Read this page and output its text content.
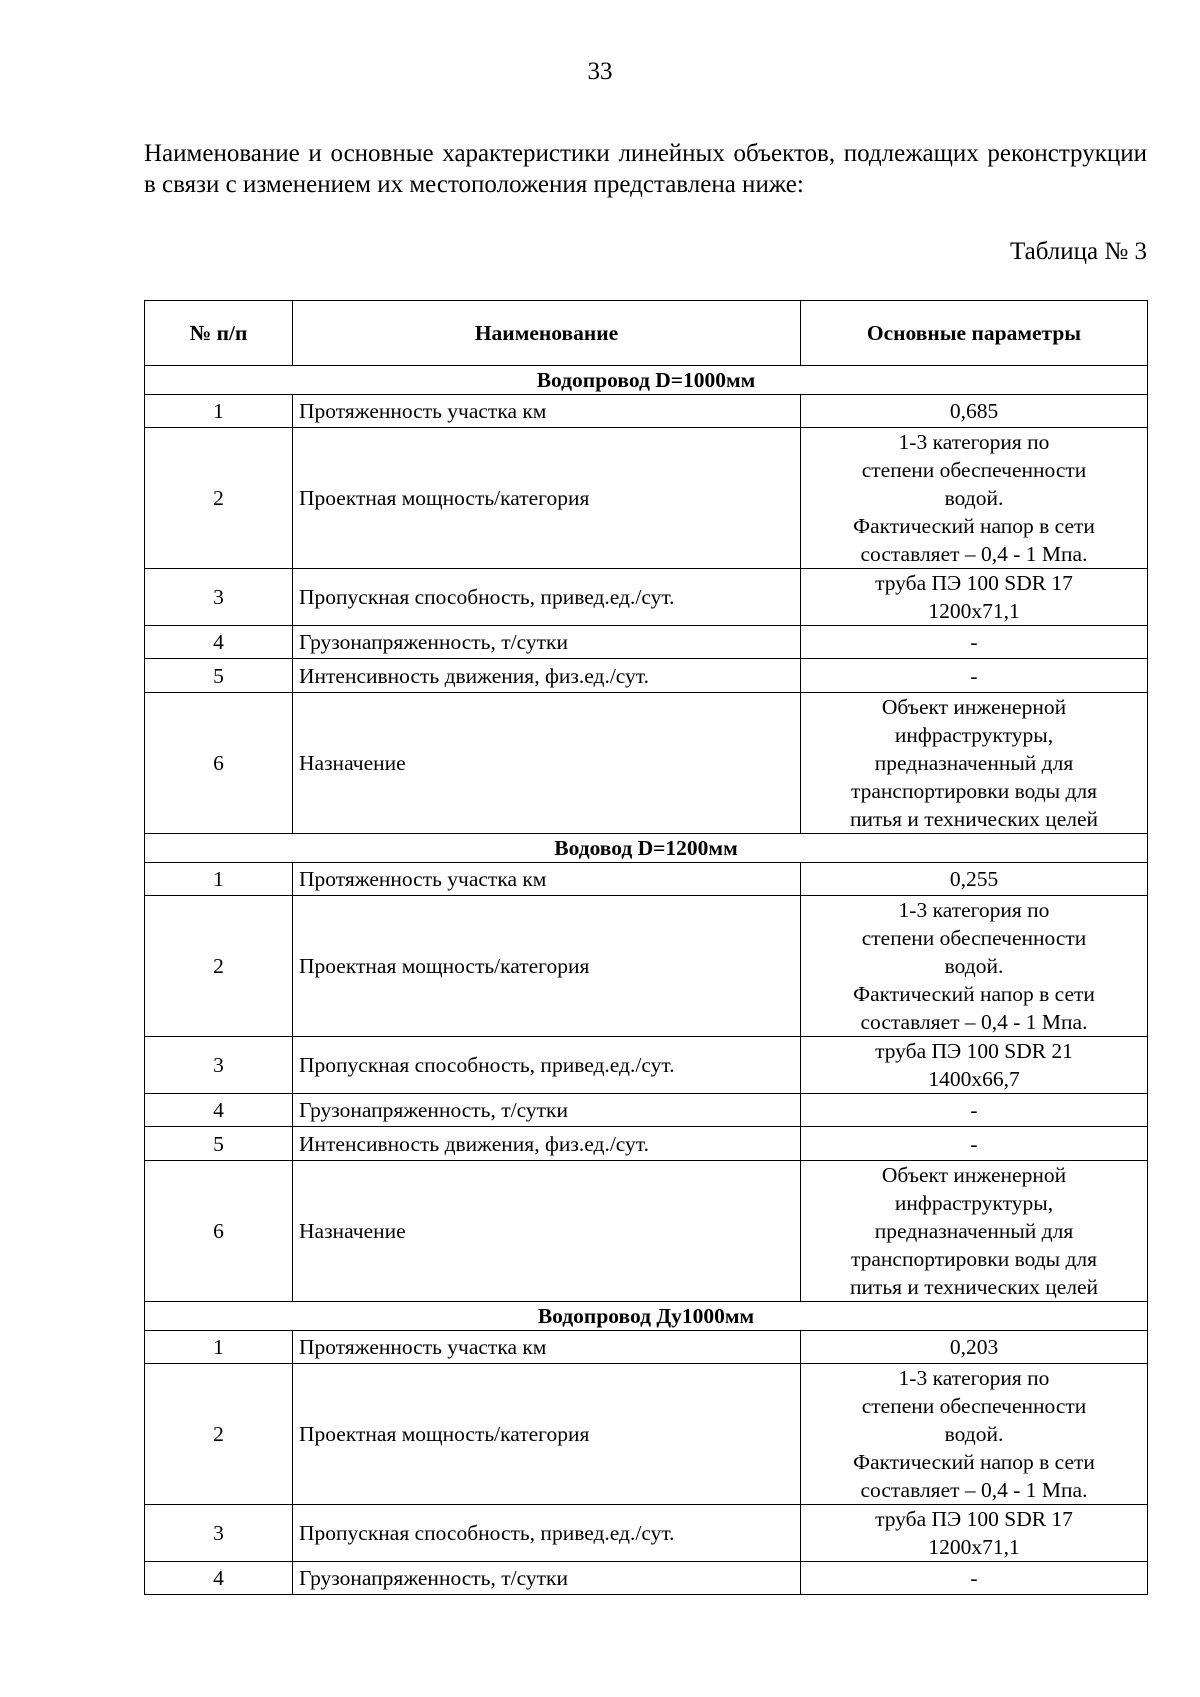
33
Наименование и основные характеристики линейных объектов, подлежащих реконструкции в связи с изменением их местоположения представлена ниже:
Таблица № 3
№ п/п	Наименование	Основные параметры
Водопровод D=1000мм		
1	Протяженность участка км	0,685

2	Проектная мощность/категория	1-3 категория по
степени обеспеченности
водой.
Фактический напор в сети
составляет – 0,4 - 1 Мпа.

3	Пропускная способность, привед.ед./сут.	труба ПЭ 100 SDR 17
1200х71,1

4	Грузонапряженность, т/сутки	-

5	Интенсивность движения, физ.ед./сут.	-

6	Назначение	Объект инженерной
инфраструктуры,
предназначенный для
транспортировки воды для
питья и технических целей

Водовод D=1200мм		
1	Протяженность участка км	0,255

2	Проектная мощность/категория	1-3 категория по
степени обеспеченности
водой.
Фактический напор в сети
составляет – 0,4 - 1 Мпа.

3	Пропускная способность, привед.ед./сут.	труба ПЭ 100 SDR 21
1400х66,7

4	Грузонапряженность, т/сутки	-

5	Интенсивность движения, физ.ед./сут.	-

6	Назначение	Объект инженерной
инфраструктуры,
предназначенный для
транспортировки воды для
питья и технических целей

Водопровод Ду1000мм		
1	Протяженность участка км	0,203

2	Проектная мощность/категория	1-3 категория по
степени обеспеченности
водой.
Фактический напор в сети
составляет – 0,4 - 1 Мпа.

3	Пропускная способность, привед.ед./сут.	труба ПЭ 100 SDR 17
1200х71,1

4	Грузонапряженность, т/сутки	-
